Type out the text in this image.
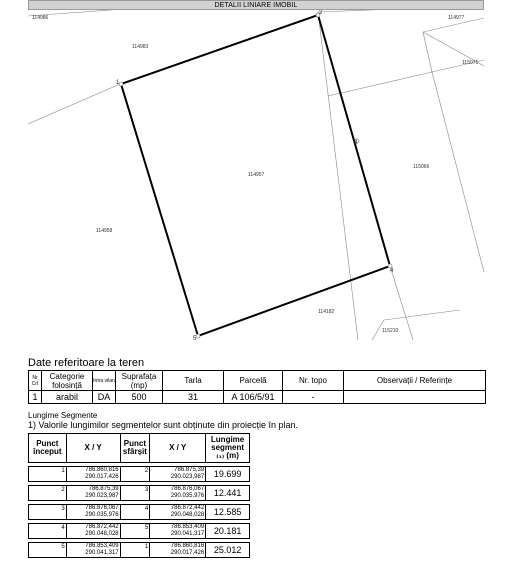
DETALII LINIARE IMOBIL
114986
114983
114977
115071
114957
114958
115066
114182
115210
1
2
3
4
5
Date referitoare la teren
Nr Crt	Categorie folosință	Intra vilan	Suprafața (mp)	Tarla	Parcelă	Nr. topo	Observații / Referințe
1	arabil	DA	500	31	A 106/5/91	-	
Lungime Segmente
1) Valorile lungimilor segmentelor sunt obținute din proiecție în plan.
Punct început	X / Y	Punct sfârșit	X / Y	Lungime segment ₍₁₎ (m)

1	786.860,816
290.017,426	2	786.875,39
290.023,987	19.699

2	786.875,39
290.023,987	3	786.876,067
290.035,976	12.441

3	786.876,067
290.035,976	4	786.872,442
290.048,028	12.585

4	786.872,442
290.048,028	5	786.853,409
290.041,317	20.181

5	786.853,409
290.041,317	1	786.860,816
290.017,426	25.012
